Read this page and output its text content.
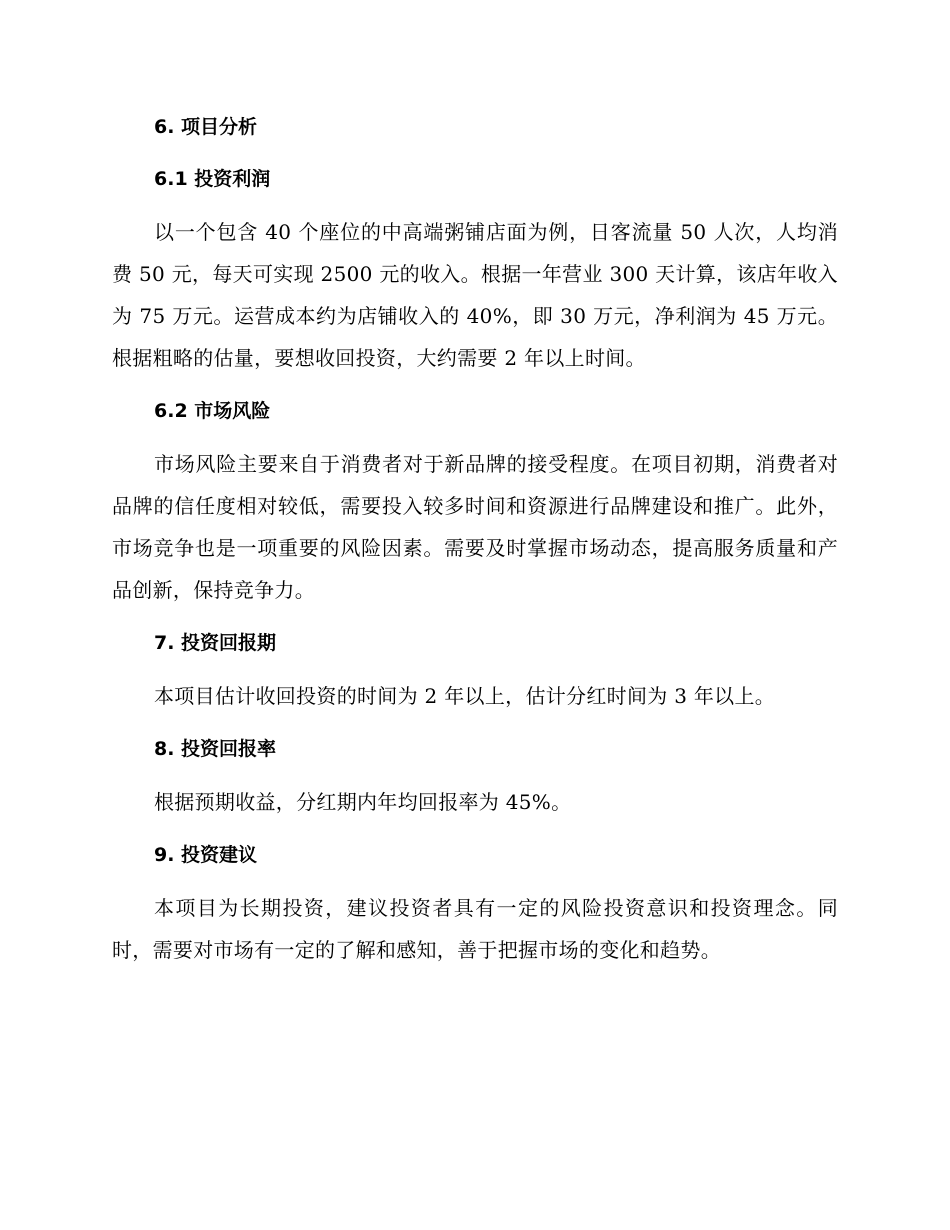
6. 项目分析
6.1 投资利润

以一个包含 40 个座位的中高端粥铺店面为例，日客流量 50 人次，人均消费 50 元，每天可实现 2500 元的收入。根据一年营业 300 天计算，该店年收入为 75 万元。运营成本约为店铺收入的 40%，即 30 万元，净利润为 45 万元。根据粗略的估量，要想收回投资，大约需要 2 年以上时间。

6.2 市场风险

市场风险主要来自于消费者对于新品牌的接受程度。在项目初期，消费者对品牌的信任度相对较低，需要投入较多时间和资源进行品牌建设和推广。此外，市场竞争也是一项重要的风险因素。需要及时掌握市场动态，提高服务质量和产品创新，保持竞争力。

7. 投资回报期

本项目估计收回投资的时间为 2 年以上，估计分红时间为 3 年以上。

8. 投资回报率

根据预期收益，分红期内年均回报率为 45%。

9. 投资建议

本项目为长期投资，建议投资者具有一定的风险投资意识和投资理念。同时，需要对市场有一定的了解和感知，善于把握市场的变化和趋势。
